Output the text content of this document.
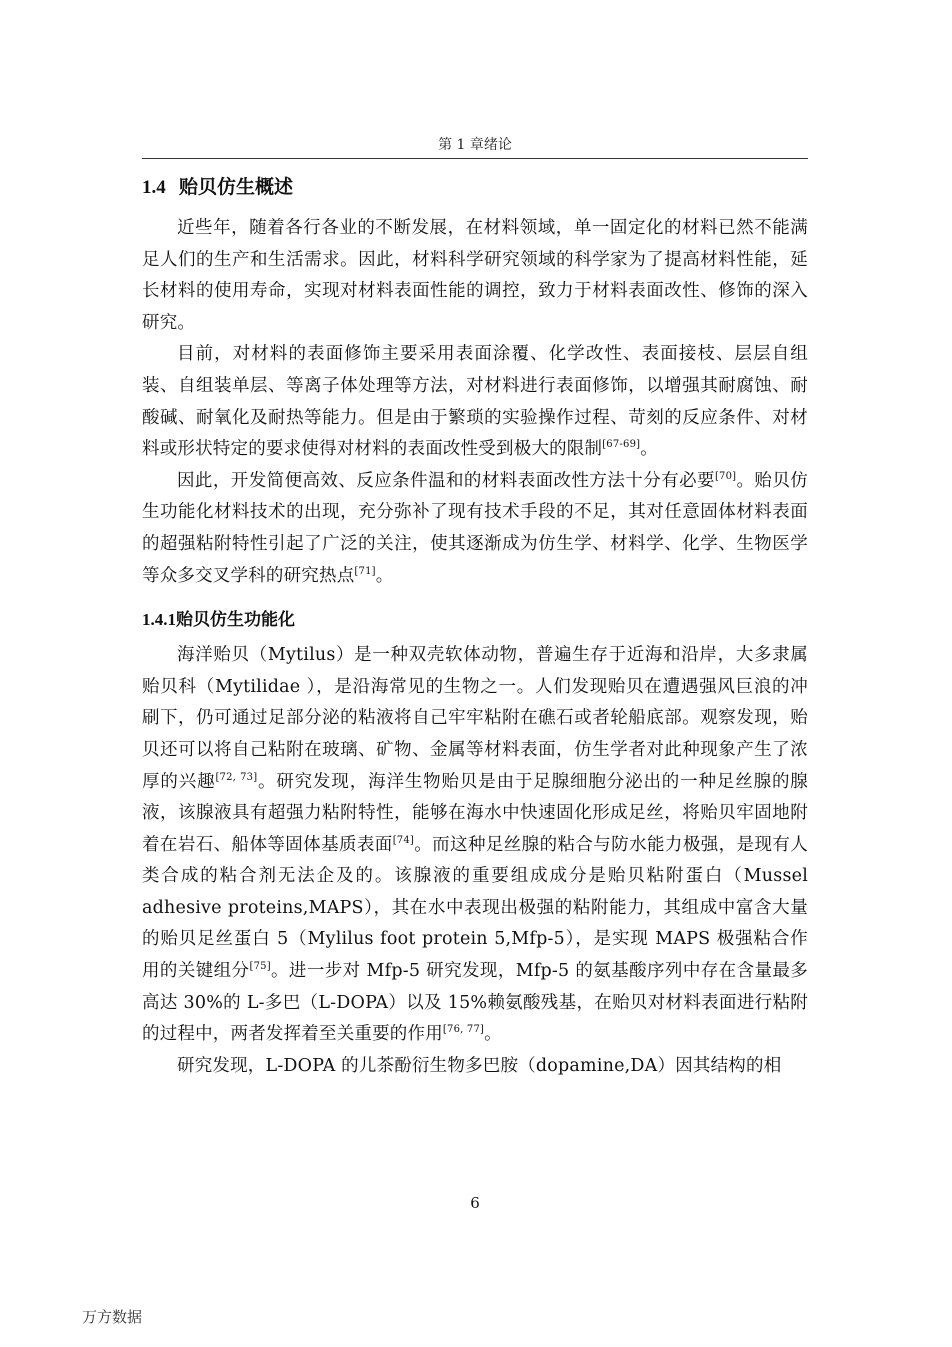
第 1 章绪论
1.4 贻贝仿生概述

近些年，随着各行各业的不断发展，在材料领域，单一固定化的材料已然不能满足人们的生产和生活需求。因此，材料科学研究领域的科学家为了提高材料性能，延长材料的使用寿命，实现对材料表面性能的调控，致力于材料表面改性、修饰的深入研究。

目前，对材料的表面修饰主要采用表面涂覆、化学改性、表面接枝、层层自组装、自组装单层、等离子体处理等方法，对材料进行表面修饰，以增强其耐腐蚀、耐酸碱、耐氧化及耐热等能力。但是由于繁琐的实验操作过程、苛刻的反应条件、对材料或形状特定的要求使得对材料的表面改性受到极大的限制[67-69]。

因此，开发简便高效、反应条件温和的材料表面改性方法十分有必要[70]。贻贝仿生功能化材料技术的出现，充分弥补了现有技术手段的不足，其对任意固体材料表面的超强粘附特性引起了广泛的关注，使其逐渐成为仿生学、材料学、化学、生物医学等众多交叉学科的研究热点[71]。

1.4.1贻贝仿生功能化

海洋贻贝（Mytilus）是一种双壳软体动物，普遍生存于近海和沿岸，大多隶属贻贝科（Mytilidae ），是沿海常见的生物之一。人们发现贻贝在遭遇强风巨浪的冲刷下，仍可通过足部分泌的粘液将自己牢牢粘附在礁石或者轮船底部。观察发现，贻贝还可以将自己粘附在玻璃、矿物、金属等材料表面，仿生学者对此种现象产生了浓厚的兴趣[72, 73]。研究发现，海洋生物贻贝是由于足腺细胞分泌出的一种足丝腺的腺液，该腺液具有超强力粘附特性，能够在海水中快速固化形成足丝，将贻贝牢固地附着在岩石、船体等固体基质表面[74]。而这种足丝腺的粘合与防水能力极强，是现有人类合成的粘合剂无法企及的。该腺液的重要组成成分是贻贝粘附蛋白（Mussel adhesive proteins,MAPS），其在水中表现出极强的粘附能力，其组成中富含大量的贻贝足丝蛋白 5（Mylilus foot protein 5,Mfp-5），是实现 MAPS 极强粘合作用的关键组分[75]。进一步对 Mfp-5 研究发现，Mfp-5 的氨基酸序列中存在含量最多高达 30%的 L-多巴（L-DOPA）以及 15%赖氨酸残基，在贻贝对材料表面进行粘附的过程中，两者发挥着至关重要的作用[76, 77]。

研究发现，L-DOPA 的儿茶酚衍生物多巴胺（dopamine,DA）因其结构的相

6
万方数据
